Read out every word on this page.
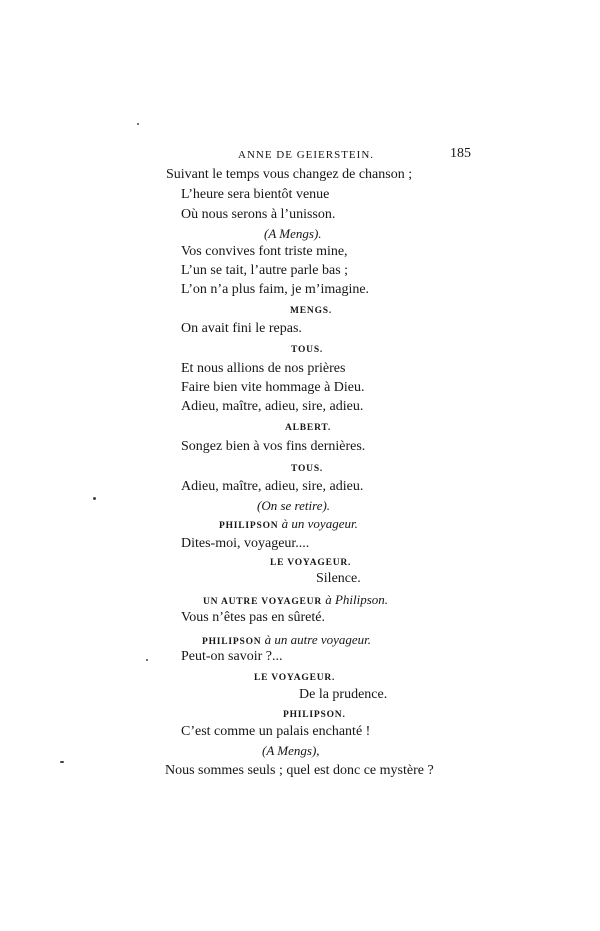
ANNE DE GEIERSTEIN.	185
Suivant le temps vous changez de chanson ;
L’heure sera bientôt venue
Où nous serons à l’unisson.
(A Mengs).
Vos convives font triste mine,
L’un se tait, l’autre parle bas ;
L’on n’a plus faim, je m’imagine.
MENGS.
On avait fini le repas.
TOUS.
Et nous allions de nos prières
Faire bien vite hommage à Dieu.
Adieu, maître, adieu, sire, adieu.
ALBERT.
Songez bien à vos fins dernières.
TOUS.
Adieu, maître, adieu, sire, adieu.
(On se retire).
PHILIPSON à un voyageur.
Dites-moi, voyageur....
LE VOYAGEUR.
Silence.
UN AUTRE VOYAGEUR à Philipson.
Vous n’êtes pas en sûreté.
PHILIPSON à un autre voyageur.
Peut-on savoir ?...
LE VOYAGEUR.
De la prudence.
PHILIPSON.
C’est comme un palais enchanté !
(A Mengs),
Nous sommes seuls ; quel est donc ce mystère ?
